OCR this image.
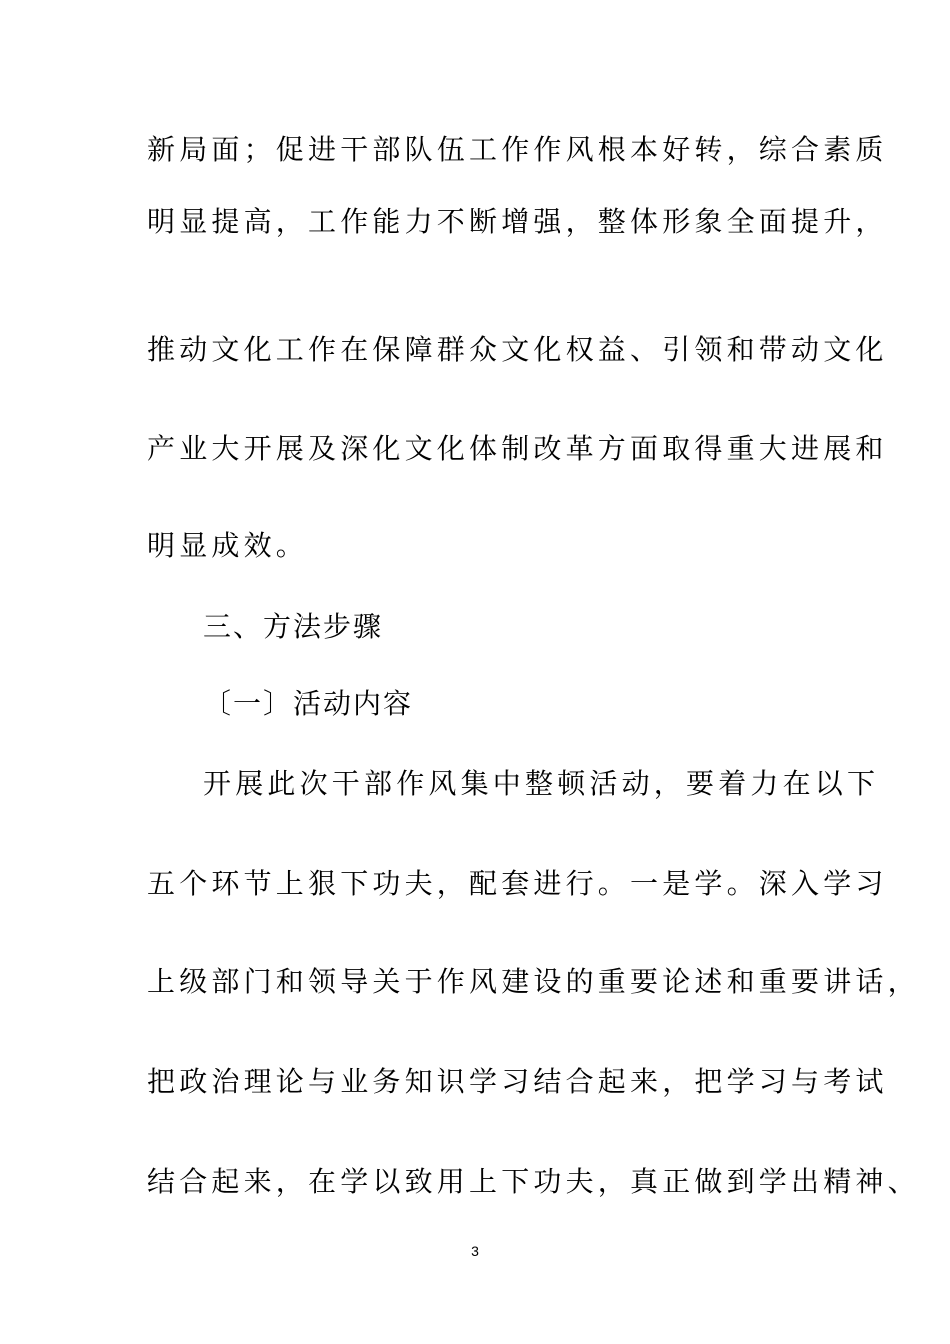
新局面；促进干部队伍工作作风根本好转，综合素质
明显提高，工作能力不断增强，整体形象全面提升，
推动文化工作在保障群众文化权益、引领和带动文化
产业大开展及深化文化体制改革方面取得重大进展和
明显成效。
三、方法步骤
〔一〕活动内容
开展此次干部作风集中整顿活动，要着力在以下
五个环节上狠下功夫，配套进行。一是学。深入学习
上级部门和领导关于作风建设的重要论述和重要讲话，
把政治理论与业务知识学习结合起来，把学习与考试
结合起来，在学以致用上下功夫，真正做到学出精神、
3
